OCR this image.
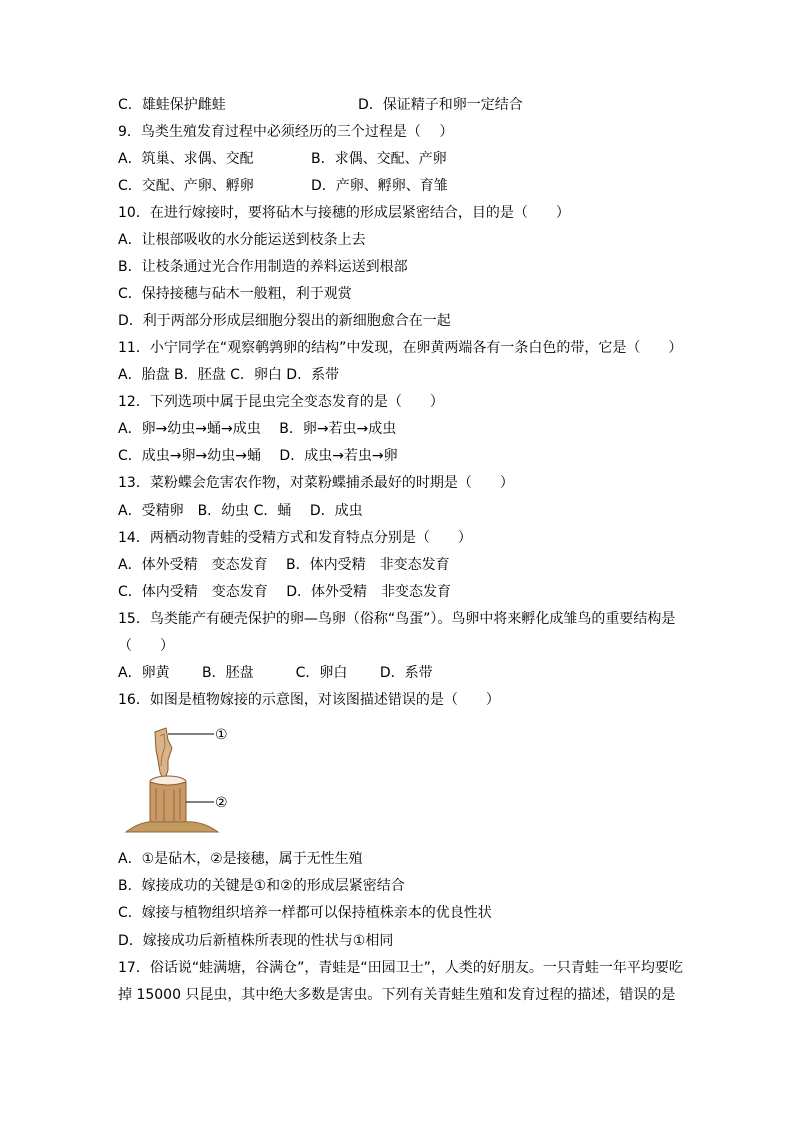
C．雄蛙保护雌蛙	D．保证精子和卵一定结合
9．鸟类生殖发育过程中必须经历的三个过程是（　 ）
A．筑巢、求偶、交配	B．求偶、交配、产卵
C．交配、产卵、孵卵	D．产卵、孵卵、育雏
10．在进行嫁接时，要将砧木与接穗的形成层紧密结合，目的是（　　）
A．让根部吸收的水分能运送到枝条上去
B．让枝条通过光合作用制造的养料运送到根部
C．保持接穗与砧木一般粗，利于观赏
D．利于两部分形成层细胞分裂出的新细胞愈合在一起
11．小宁同学在“观察鹌鹑卵的结构”中发现，在卵黄两端各有一条白色的带，它是（　　）
A．胎盘 B．胚盘 C．卵白 D．系带
12．下列选项中属于昆虫完全变态发育的是（　　）
A．卵→幼虫→蛹→成虫　 B．卵→若虫→成虫
C．成虫→卵→幼虫→蛹　 D．成虫→若虫→卵
13．菜粉蝶会危害农作物，对菜粉蝶捕杀最好的时期是（　　）
A．受精卵　B．幼虫 C．蛹　 D．成虫
14．两栖动物青蛙的受精方式和发育特点分别是（　　）
A．体外受精　变态发育　 B．体内受精　非变态发育
C．体内受精　变态发育　 D．体外受精　非变态发育
15．鸟类能产有硬壳保护的卵—鸟卵（俗称“鸟蛋”）。鸟卵中将来孵化成雏鸟的重要结构是
（　　）
A．卵黄　　 B．胚盘　　　C．卵白　　 D．系带
16．如图是植物嫁接的示意图，对该图描述错误的是（　　）
①
②
A．①是砧木，②是接穗，属于无性生殖
B．嫁接成功的关键是①和②的形成层紧密结合
C．嫁接与植物组织培养一样都可以保持植株亲本的优良性状
D．嫁接成功后新植株所表现的性状与①相同
17．俗话说“蛙满塘，谷满仓”，青蛙是“田园卫士”，人类的好朋友。一只青蛙一年平均要吃
掉 15000 只昆虫，其中绝大多数是害虫。下列有关青蛙生殖和发育过程的描述，错误的是
